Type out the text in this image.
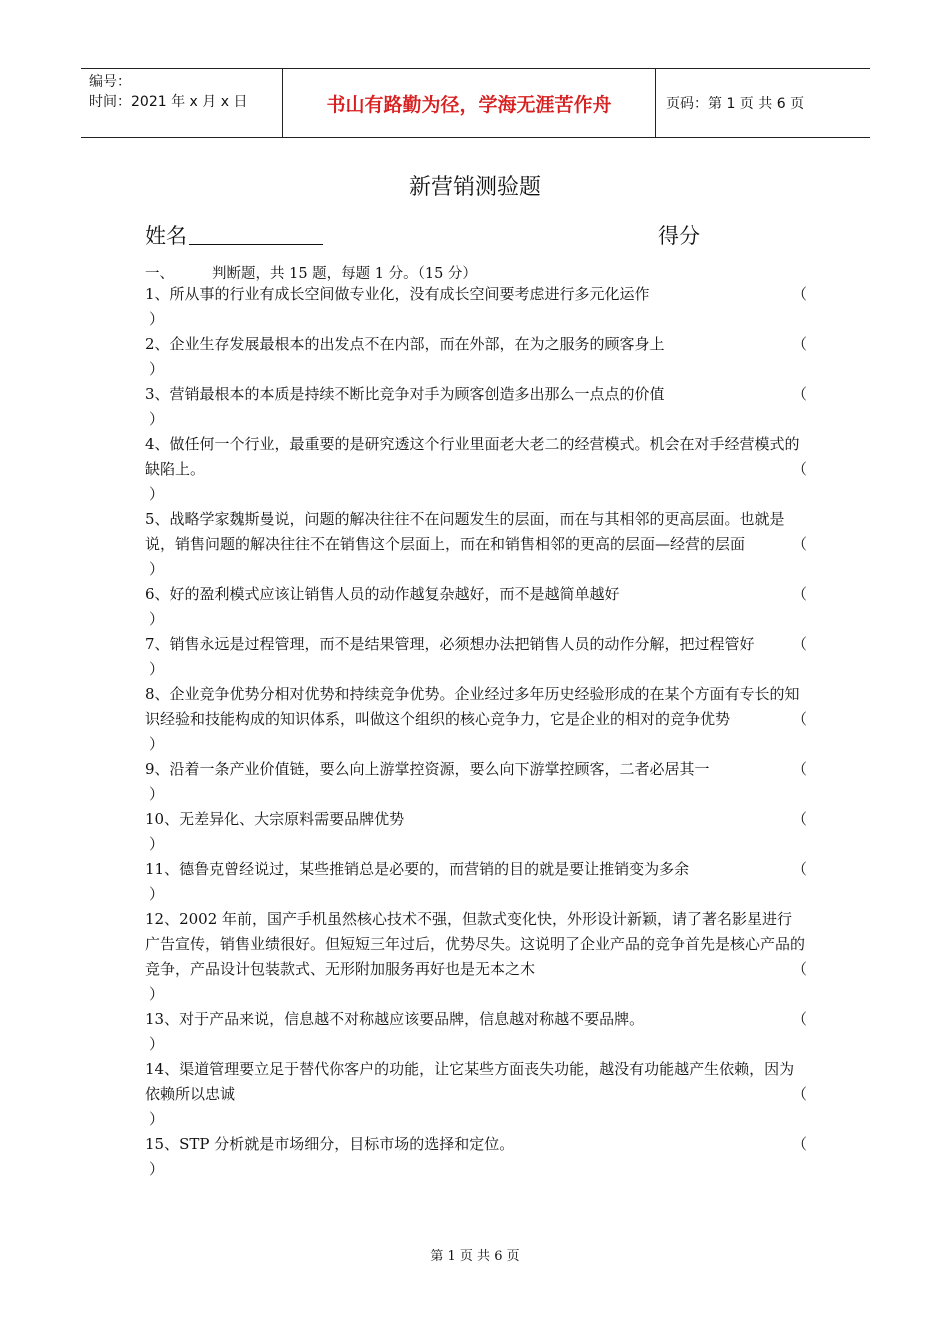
编号：
时间：2021 年 x 月 x 日	书山有路勤为径，学海无涯苦作舟	页码：第 1 页 共 6 页
新营销测验题
姓名	得分
一、	判断题，共 15 题，每题 1 分。（15 分）
1、所从事的行业有成长空间做专业化，没有成长空间要考虑进行多元化运作	（
）
2、企业生存发展最根本的出发点不在内部，而在外部，在为之服务的顾客身上	（
）
3、营销最根本的本质是持续不断比竞争对手为顾客创造多出那么一点点的价值	（
）
4、做任何一个行业，最重要的是研究透这个行业里面老大老二的经营模式。机会在对手经营模式的缺陷上。	（
）
5、战略学家魏斯曼说，问题的解决往往不在问题发生的层面，而在与其相邻的更高层面。也就是说，销售问题的解决往往不在销售这个层面上，而在和销售相邻的更高的层面—经营的层面	（
）
6、好的盈利模式应该让销售人员的动作越复杂越好，而不是越简单越好	（
）
7、销售永远是过程管理，而不是结果管理，必须想办法把销售人员的动作分解，把过程管好	（
）
8、企业竞争优势分相对优势和持续竞争优势。企业经过多年历史经验形成的在某个方面有专长的知识经验和技能构成的知识体系，叫做这个组织的核心竞争力，它是企业的相对的竞争优势	（
）
9、沿着一条产业价值链，要么向上游掌控资源，要么向下游掌控顾客，二者必居其一	（
）
10、无差异化、大宗原料需要品牌优势	（
）
11、德鲁克曾经说过，某些推销总是必要的，而营销的目的就是要让推销变为多余	（
）
12、2002 年前，国产手机虽然核心技术不强，但款式变化快，外形设计新颖，请了著名影星进行广告宣传，销售业绩很好。但短短三年过后，优势尽失。这说明了企业产品的竞争首先是核心产品的竞争，产品设计包装款式、无形附加服务再好也是无本之木	（
）
13、对于产品来说，信息越不对称越应该要品牌，信息越对称越不要品牌。	（
）
14、渠道管理要立足于替代你客户的功能，让它某些方面丧失功能，越没有功能越产生依赖，因为依赖所以忠诚	（
）
15、STP 分析就是市场细分，目标市场的选择和定位。	（
）
第 1 页 共 6 页
